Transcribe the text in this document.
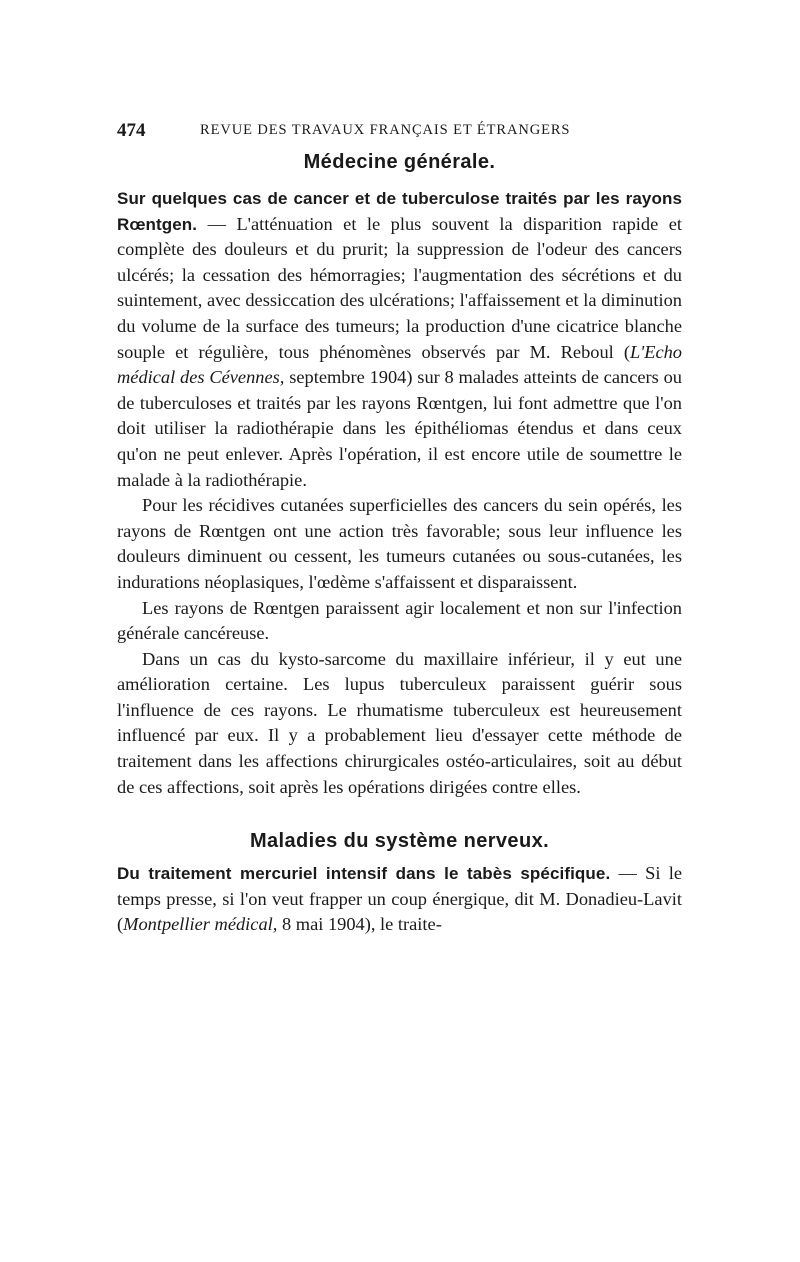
474	REVUE DES TRAVAUX FRANÇAIS ET ÉTRANGERS
Médecine générale.

Sur quelques cas de cancer et de tuberculose traités par les rayons Rœntgen. — L'atténuation et le plus souvent la disparition rapide et complète des douleurs et du prurit; la suppression de l'odeur des cancers ulcérés; la cessation des hémorragies; l'augmentation des sécrétions et du suintement, avec dessiccation des ulcérations; l'affaissement et la diminution du volume de la surface des tumeurs; la production d'une cicatrice blanche souple et régulière, tous phénomènes observés par M. Reboul (L'Echo médical des Cévennes, septembre 1904) sur 8 malades atteints de cancers ou de tuberculoses et traités par les rayons Rœntgen, lui font admettre que l'on doit utiliser la radiothérapie dans les épithéliomas étendus et dans ceux qu'on ne peut enlever. Après l'opération, il est encore utile de soumettre le malade à la radiothérapie.

Pour les récidives cutanées superficielles des cancers du sein opérés, les rayons de Rœntgen ont une action très favorable; sous leur influence les douleurs diminuent ou cessent, les tumeurs cutanées ou sous-cutanées, les indurations néoplasiques, l'œdème s'affaissent et disparaissent.

Les rayons de Rœntgen paraissent agir localement et non sur l'infection générale cancéreuse.

Dans un cas du kysto-sarcome du maxillaire inférieur, il y eut une amélioration certaine. Les lupus tuberculeux paraissent guérir sous l'influence de ces rayons. Le rhumatisme tuberculeux est heureusement influencé par eux. Il y a probablement lieu d'essayer cette méthode de traitement dans les affections chirurgicales ostéo-articulaires, soit au début de ces affections, soit après les opérations dirigées contre elles.

Maladies du système nerveux.

Du traitement mercuriel intensif dans le tabès spécifique. — Si le temps presse, si l'on veut frapper un coup énergique, dit M. Donadieu-Lavit (Montpellier médical, 8 mai 1904), le traite-
